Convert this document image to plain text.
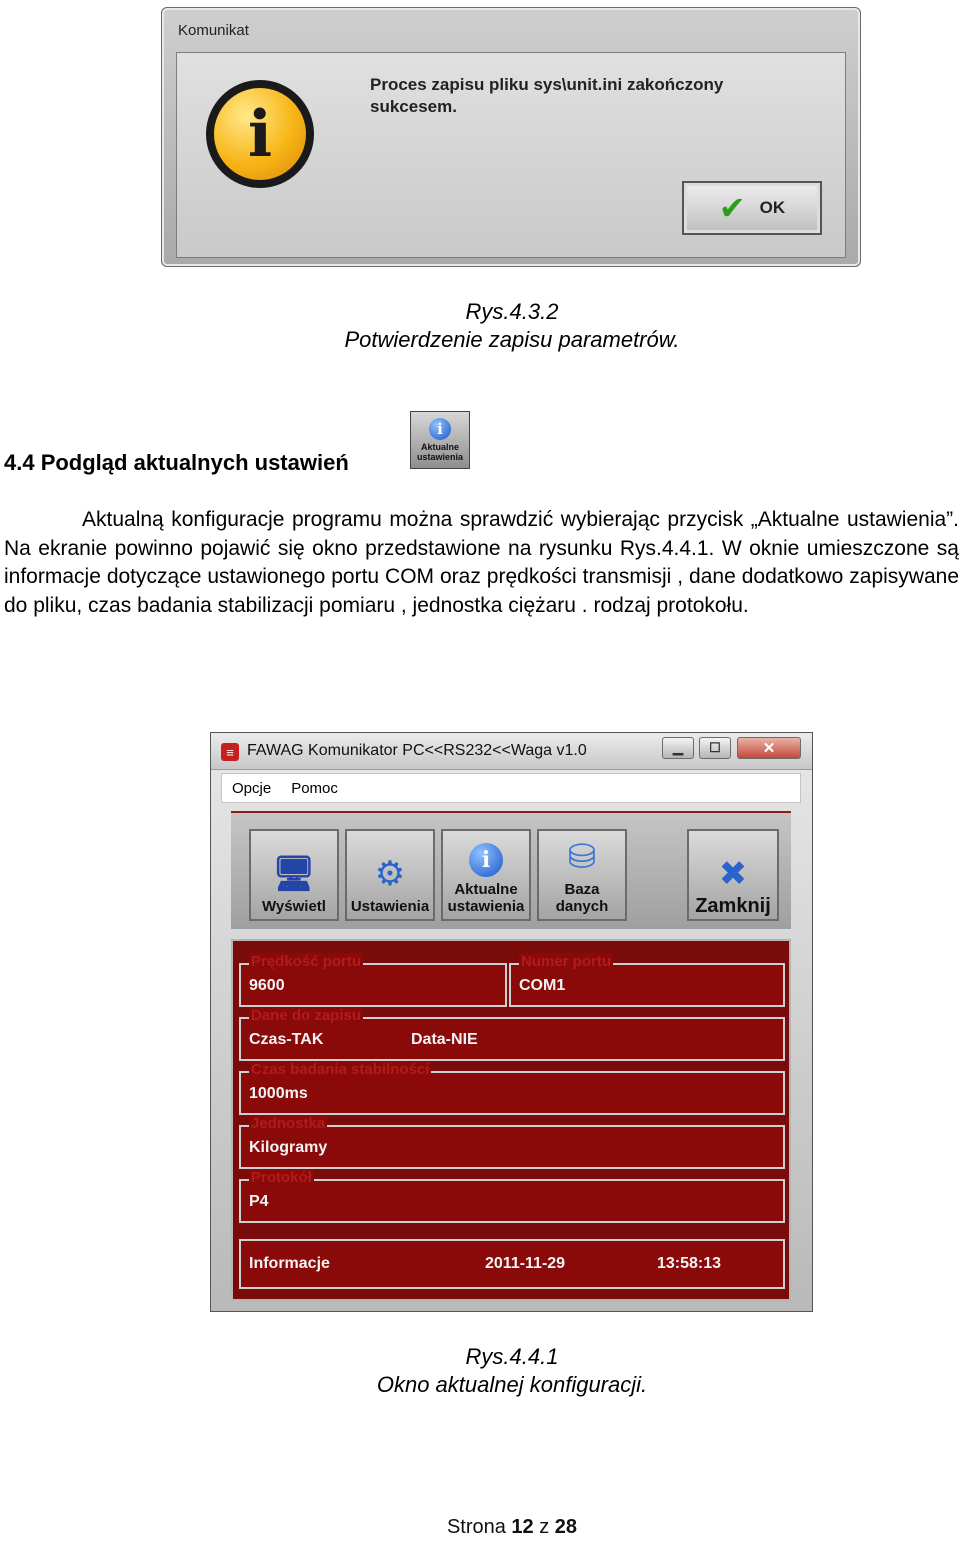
Komunikat
i
Proces zapisu pliku sys\unit.ini zakończony sukcesem.
✔ OK
Rys.4.3.2
Potwierdzenie zapisu parametrów.
4.4 Podgląd aktualnych ustawień
i
Aktualne ustawienia
Aktualną konfiguracje programu można sprawdzić wybierając przycisk „Aktualne ustawienia”. Na ekranie powinno pojawić się okno przedstawione na rysunku Rys.4.4.1. W oknie umieszczone są informacje dotyczące ustawionego portu COM oraz prędkości transmisji , dane dodatkowo zapisywane do pliku, czas badania stabilizacji pomiaru , jednostka ciężaru . rodzaj protokołu.
≡ FAWAG Komunikator PC<<RS232<<Waga v1.0	▁	☐	✕
Opcje Pomoc
🖥
Wyświetl
⚙
Ustawienia
i
Aktualne ustawienia
⛁
Baza danych
✖
Zamknij
Prędkość portu
9600
Numer portu
COM1
Dane do zapisu
Czas-TAK	Data-NIE
Czas badania stabilności
1000ms
Jednostka
Kilogramy
Protokół
P4
Informacje	2011-11-29	13:58:13
Rys.4.4.1
Okno aktualnej konfiguracji.
Strona 12 z 28
